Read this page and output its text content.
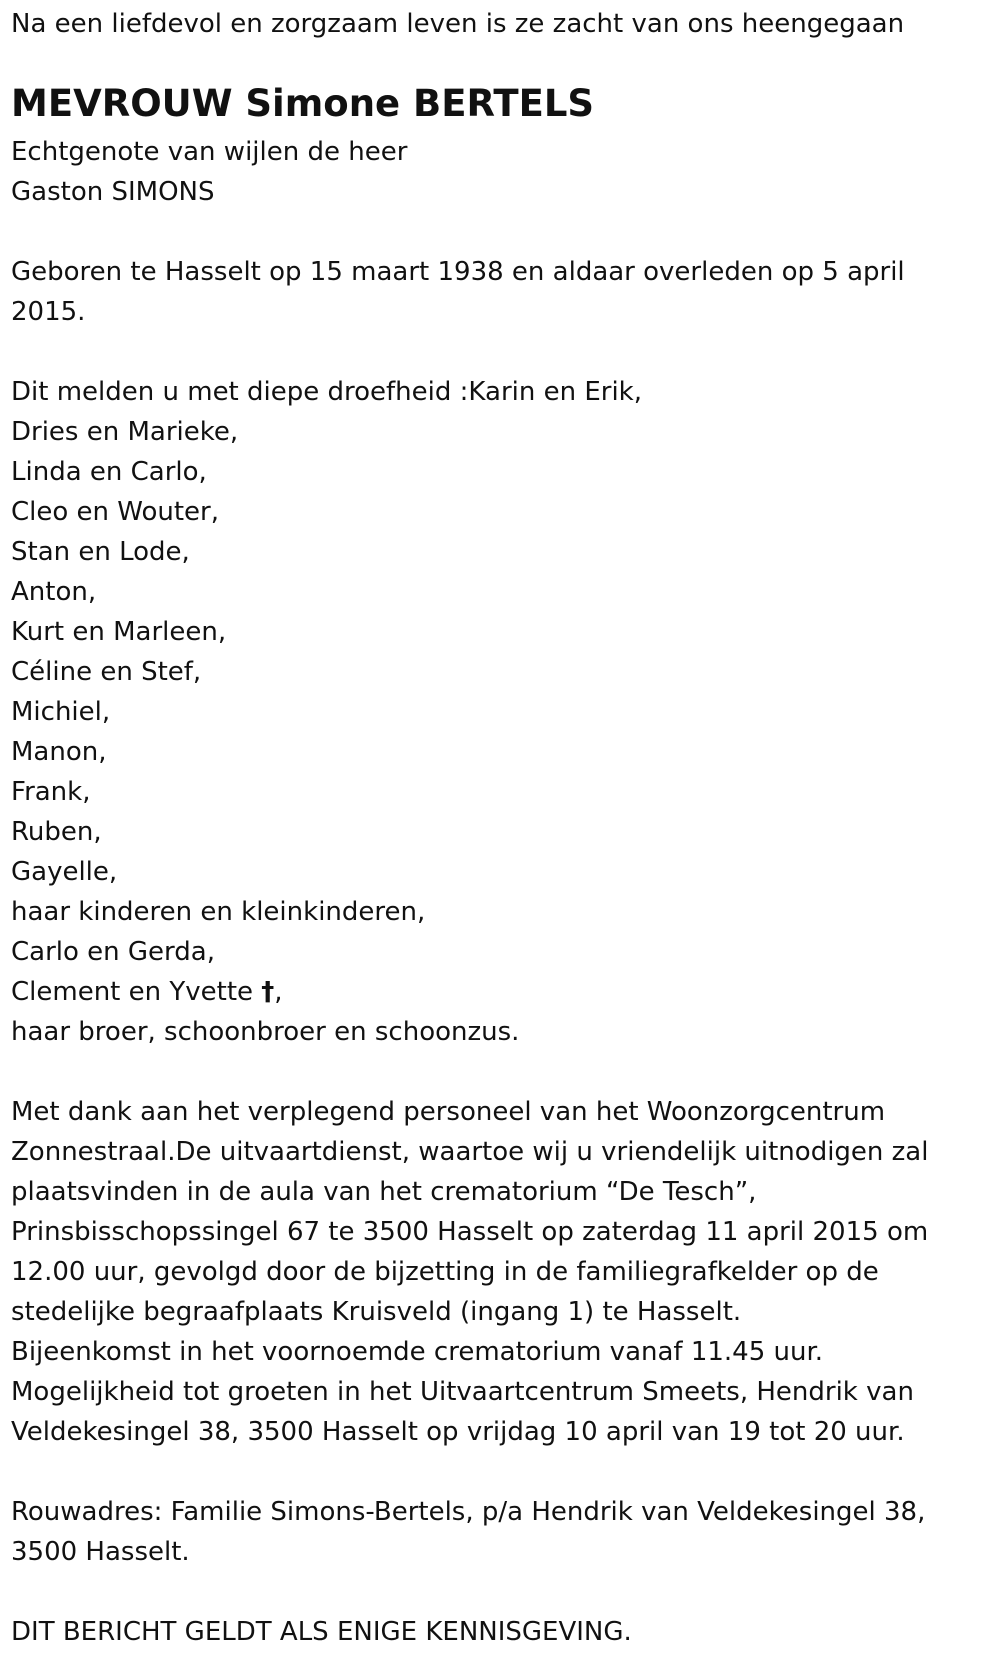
Na een liefdevol en zorgzaam leven is ze zacht van ons heengegaan
MEVROUW Simone BERTELS
Echtgenote van wijlen de heer
Gaston SIMONS
Geboren te Hasselt op 15 maart 1938 en aldaar overleden op 5 april
2015.
Dit melden u met diepe droefheid :Karin en Erik,
Dries en Marieke,
Linda en Carlo,
Cleo en Wouter,
Stan en Lode,
Anton,
Kurt en Marleen,
Céline en Stef,
Michiel,
Manon,
Frank,
Ruben,
Gayelle,
haar kinderen en kleinkinderen,
Carlo en Gerda,
Clement en Yvette †,
haar broer, schoonbroer en schoonzus.
Met dank aan het verplegend personeel van het Woonzorgcentrum
Zonnestraal.De uitvaartdienst, waartoe wij u vriendelijk uitnodigen zal
plaatsvinden in de aula van het crematorium “De Tesch”,
Prinsbisschopssingel 67 te 3500 Hasselt op zaterdag 11 april 2015 om
12.00 uur, gevolgd door de bijzetting in de familiegrafkelder op de
stedelijke begraafplaats Kruisveld (ingang 1) te Hasselt.
Bijeenkomst in het voornoemde crematorium vanaf 11.45 uur.
Mogelijkheid tot groeten in het Uitvaartcentrum Smeets, Hendrik van
Veldekesingel 38, 3500 Hasselt op vrijdag 10 april van 19 tot 20 uur.
Rouwadres: Familie Simons-Bertels, p/a Hendrik van Veldekesingel 38,
3500 Hasselt.
DIT BERICHT GELDT ALS ENIGE KENNISGEVING.
